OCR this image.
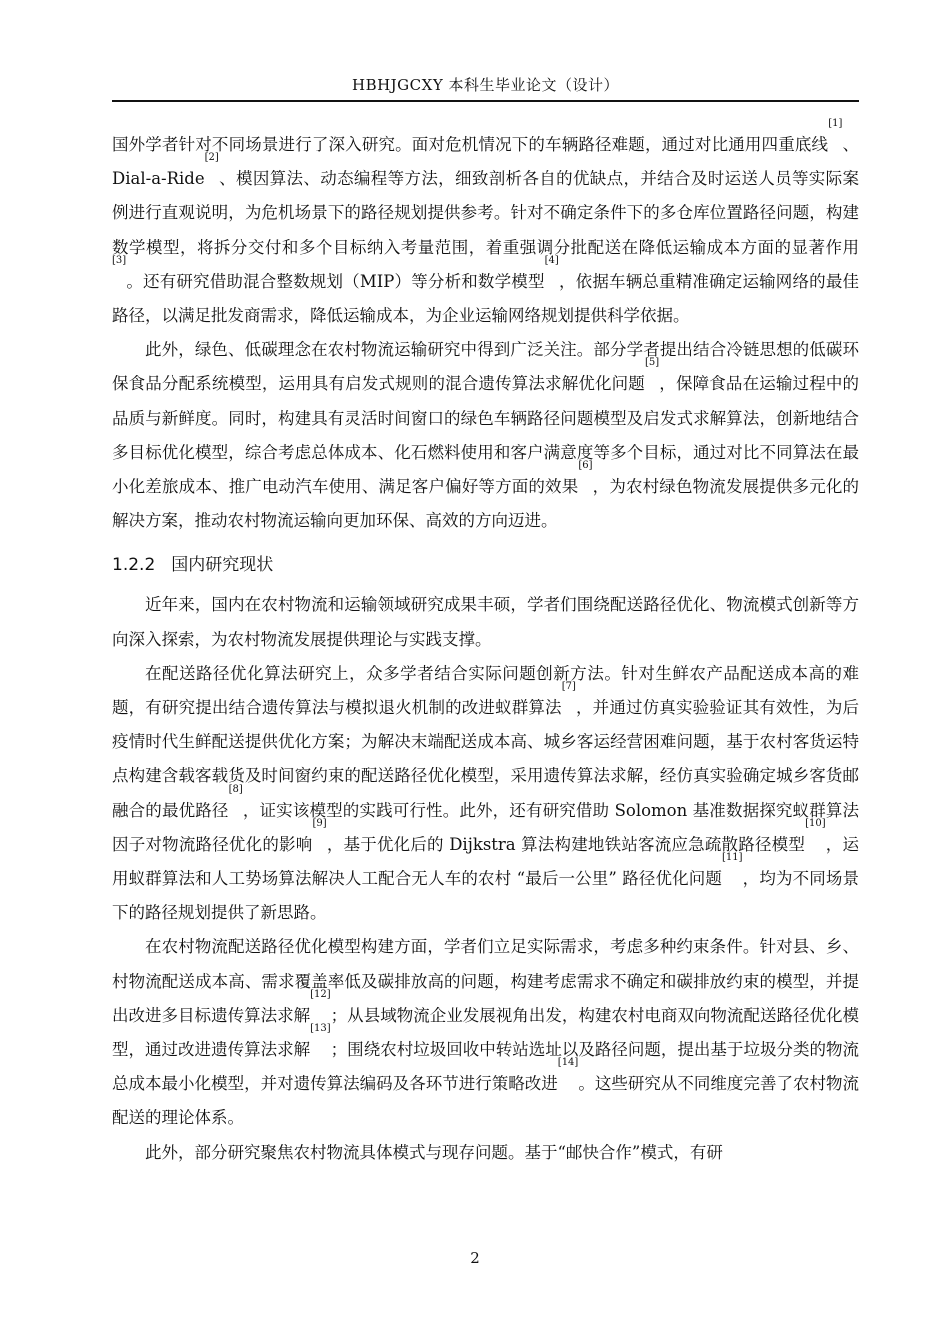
HBHJGCXY 本科生毕业论文（设计）

国外学者针对不同场景进行了深入研究。面对危机情况下的车辆路径难题，通过对比通用四重底线[1]、Dial-a-Ride[2]、模因算法、动态编程等方法，细致剖析各自的优缺点，并结合及时运送人员等实际案例进行直观说明，为危机场景下的路径规划提供参考。针对不确定条件下的多仓库位置路径问题，构建数学模型，将拆分交付和多个目标纳入考量范围，着重强调分批配送在降低运输成本方面的显著作用[3]。还有研究借助混合整数规划（MIP）等分析和数学模型[4]，依据车辆总重精准确定运输网络的最佳路径，以满足批发商需求，降低运输成本，为企业运输网络规划提供科学依据。

此外，绿色、低碳理念在农村物流运输研究中得到广泛关注。部分学者提出结合冷链思想的低碳环保食品分配系统模型，运用具有启发式规则的混合遗传算法求解优化问题[5]，保障食品在运输过程中的品质与新鲜度。同时，构建具有灵活时间窗口的绿色车辆路径问题模型及启发式求解算法，创新地结合多目标优化模型，综合考虑总体成本、化石燃料使用和客户满意度等多个目标，通过对比不同算法在最小化差旅成本、推广电动汽车使用、满足客户偏好等方面的效果[6]，为农村绿色物流发展提供多元化的解决方案，推动农村物流运输向更加环保、高效的方向迈进。

1.2.2 国内研究现状

近年来，国内在农村物流和运输领域研究成果丰硕，学者们围绕配送路径优化、物流模式创新等方向深入探索，为农村物流发展提供理论与实践支撑。

在配送路径优化算法研究上，众多学者结合实际问题创新方法。针对生鲜农产品配送成本高的难题，有研究提出结合遗传算法与模拟退火机制的改进蚁群算法[7]，并通过仿真实验验证其有效性，为后疫情时代生鲜配送提供优化方案；为解决末端配送成本高、城乡客运经营困难问题，基于农村客货运特点构建含载客载货及时间窗约束的配送路径优化模型，采用遗传算法求解，经仿真实验确定城乡客货邮融合的最优路径[8]，证实该模型的实践可行性。此外，还有研究借助 Solomon 基准数据探究蚁群算法因子对物流路径优化的影响[9]，基于优化后的 Dijkstra 算法构建地铁站客流应急疏散路径模型[10]，运用蚁群算法和人工势场算法解决人工配合无人车的农村 “最后一公里” 路径优化问题[11]，均为不同场景下的路径规划提供了新思路。

在农村物流配送路径优化模型构建方面，学者们立足实际需求，考虑多种约束条件。针对县、乡、村物流配送成本高、需求覆盖率低及碳排放高的问题，构建考虑需求不确定和碳排放约束的模型，并提出改进多目标遗传算法求解[12]；从县域物流企业发展视角出发，构建农村电商双向物流配送路径优化模型，通过改进遗传算法求解[13]；围绕农村垃圾回收中转站选址以及路径问题，提出基于垃圾分类的物流总成本最小化模型，并对遗传算法编码及各环节进行策略改进[14]。这些研究从不同维度完善了农村物流配送的理论体系。

此外，部分研究聚焦农村物流具体模式与现存问题。基于“邮快合作”模式，有研

2
